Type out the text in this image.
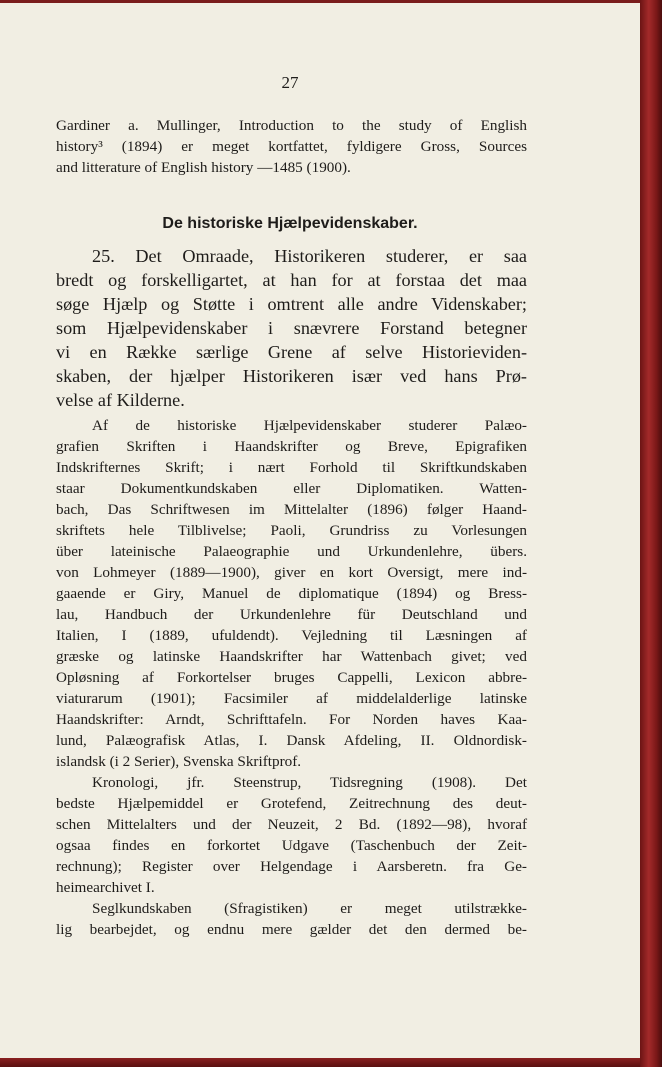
27
Gardiner a. Mullinger, Introduction to the study of English
history³ (1894) er meget kortfattet, fyldigere Gross, Sources
and litterature of English history —1485 (1900).
De historiske Hjælpevidenskaber.
25. Det Omraade, Historikeren studerer, er saa
bredt og forskelligartet, at han for at forstaa det maa
søge Hjælp og Støtte i omtrent alle andre Videnskaber;
som Hjælpevidenskaber i snævrere Forstand betegner
vi en Række særlige Grene af selve Historieviden-
skaben, der hjælper Historikeren især ved hans Prø-
velse af Kilderne.
Af de historiske Hjælpevidenskaber studerer Palæo-
grafien Skriften i Haandskrifter og Breve, Epigrafiken
Indskrifternes Skrift; i nært Forhold til Skriftkundskaben
staar Dokumentkundskaben eller Diplomatiken. Watten-
bach, Das Schriftwesen im Mittelalter (1896) følger Haand-
skriftets hele Tilblivelse; Paoli, Grundriss zu Vorlesungen
über lateinische Palaeographie und Urkundenlehre, übers.
von Lohmeyer (1889—1900), giver en kort Oversigt, mere ind-
gaaende er Giry, Manuel de diplomatique (1894) og Bress-
lau, Handbuch der Urkundenlehre für Deutschland und
Italien, I (1889, ufuldendt). Vejledning til Læsningen af
græske og latinske Haandskrifter har Wattenbach givet; ved
Opløsning af Forkortelser bruges Cappelli, Lexicon abbre-
viaturarum (1901); Facsimiler af middelalderlige latinske
Haandskrifter: Arndt, Schrifttafeln. For Norden haves Kaa-
lund, Palæografisk Atlas, I. Dansk Afdeling, II. Oldnordisk-
islandsk (i 2 Serier), Svenska Skriftprof.
Kronologi, jfr. Steenstrup, Tidsregning (1908). Det
bedste Hjælpemiddel er Grotefend, Zeitrechnung des deut-
schen Mittelalters und der Neuzeit, 2 Bd. (1892—98), hvoraf
ogsaa findes en forkortet Udgave (Taschenbuch der Zeit-
rechnung); Register over Helgendage i Aarsberetn. fra Ge-
heimearchivet I.
Seglkundskaben (Sfragistiken) er meget utilstrække-
lig bearbejdet, og endnu mere gælder det den dermed be-
